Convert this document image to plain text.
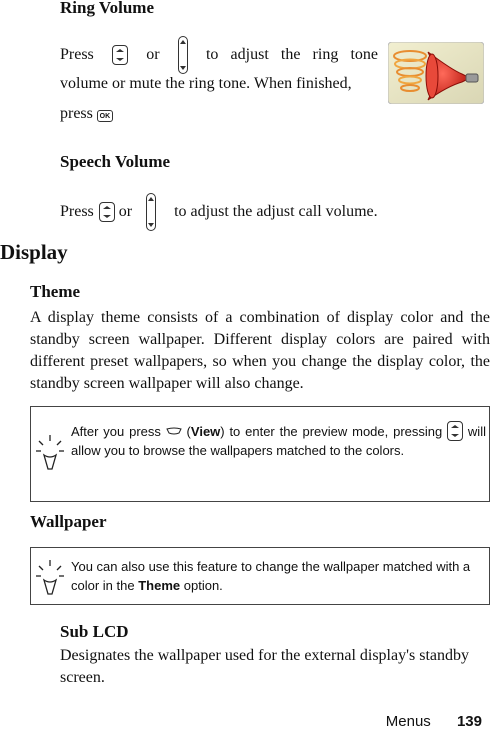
Ring Volume
Press	or	to adjust the ring tone
volume or mute the ring tone. When finished,
press OK
Speech Volume
Press or	to adjust the adjust call volume.
Display
Theme
A display theme consists of a combination of display color and the standby screen wallpaper. Different display colors are paired with different preset wallpapers, so when you change the display color, the standby screen wallpaper will also change.
After you press  (View) to enter the preview mode, pressing will allow you to browse the wallpapers matched to the colors.
Wallpaper
You can also use this feature to change the wallpaper matched with a color in the Theme option.
Sub LCD
Designates the wallpaper used for the external display's standby screen.
Menus 139
